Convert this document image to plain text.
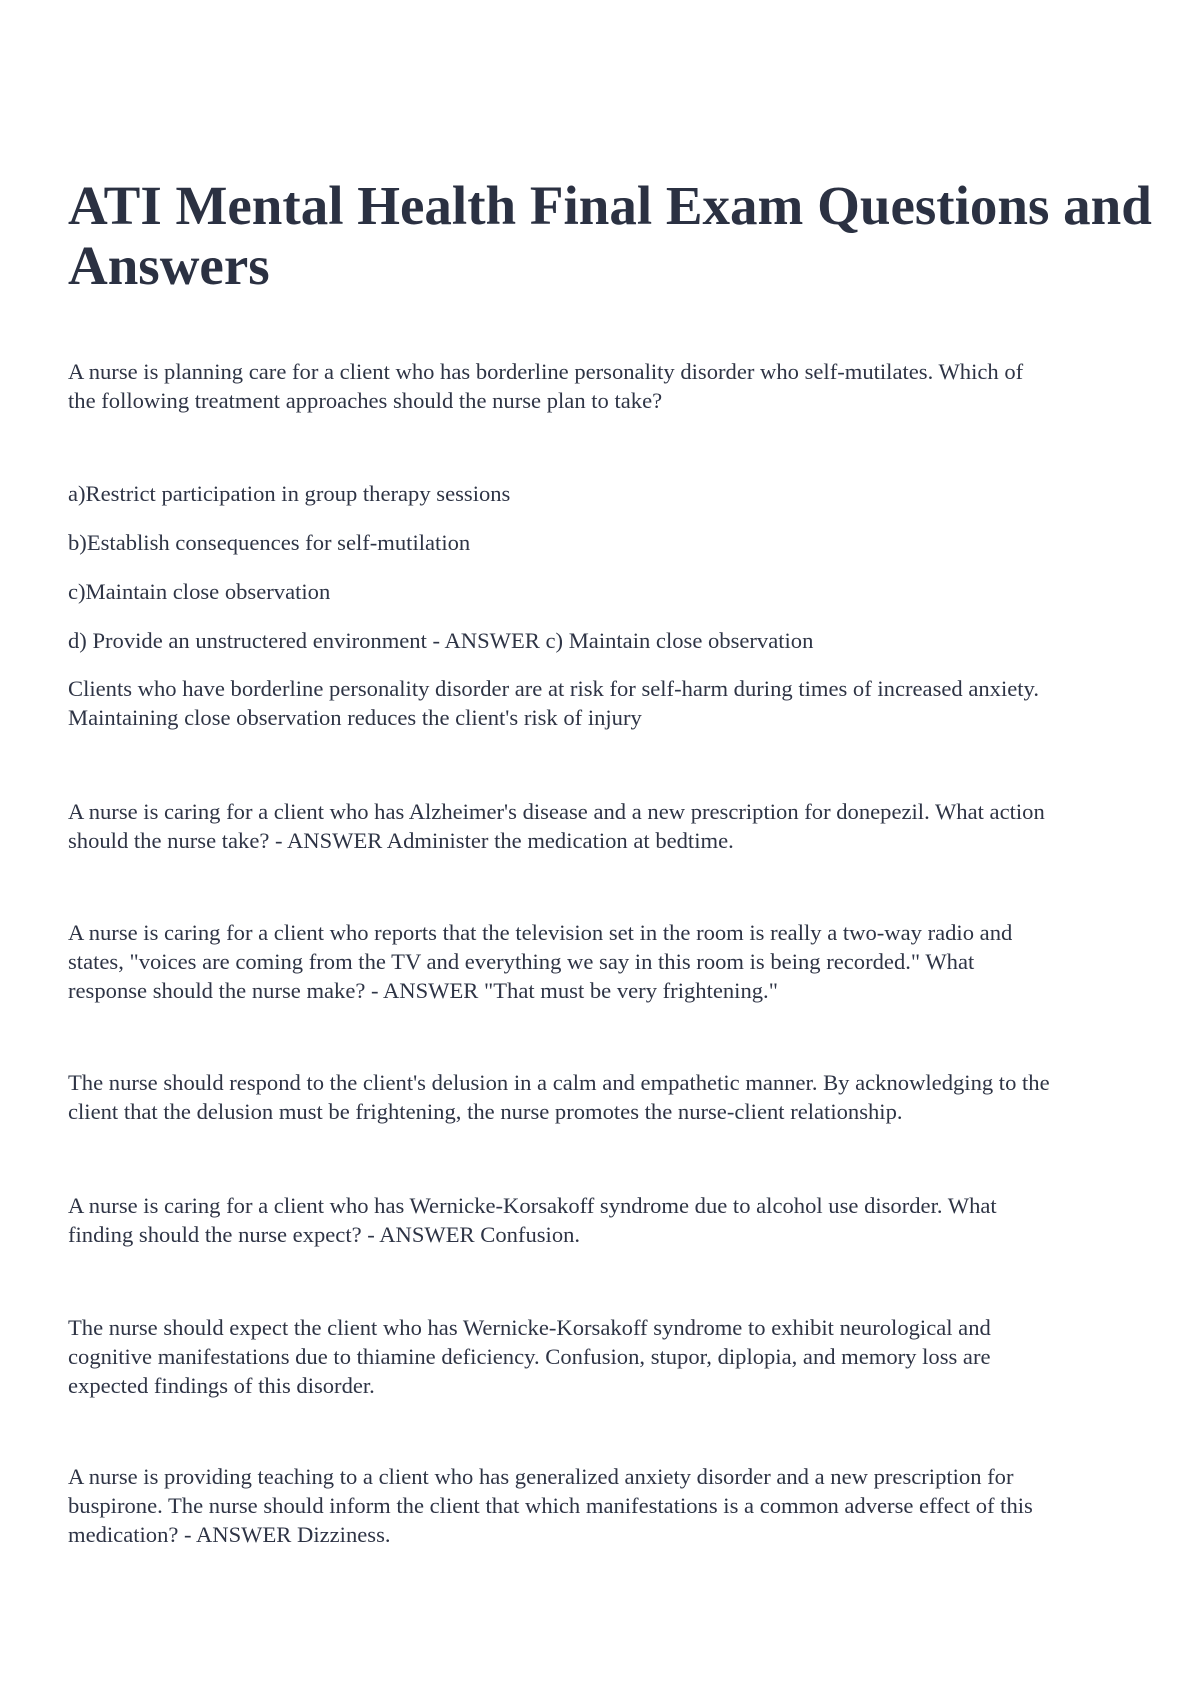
ATI Mental Health Final Exam Questions and
Answers

A nurse is planning care for a client who has borderline personality disorder who self-mutilates. Which of
the following treatment approaches should the nurse plan to take?

a)Restrict participation in group therapy sessions

b)Establish consequences for self-mutilation

c)Maintain close observation

d) Provide an unstructered environment - ANSWER c) Maintain close observation

Clients who have borderline personality disorder are at risk for self-harm during times of increased anxiety.
Maintaining close observation reduces the client's risk of injury

A nurse is caring for a client who has Alzheimer's disease and a new prescription for donepezil. What action
should the nurse take? - ANSWER Administer the medication at bedtime.

A nurse is caring for a client who reports that the television set in the room is really a two-way radio and
states, "voices are coming from the TV and everything we say in this room is being recorded." What
response should the nurse make? - ANSWER "That must be very frightening."

The nurse should respond to the client's delusion in a calm and empathetic manner. By acknowledging to the
client that the delusion must be frightening, the nurse promotes the nurse-client relationship.

A nurse is caring for a client who has Wernicke-Korsakoff syndrome due to alcohol use disorder. What
finding should the nurse expect? - ANSWER Confusion.

The nurse should expect the client who has Wernicke-Korsakoff syndrome to exhibit neurological and
cognitive manifestations due to thiamine deficiency. Confusion, stupor, diplopia, and memory loss are
expected findings of this disorder.

A nurse is providing teaching to a client who has generalized anxiety disorder and a new prescription for
buspirone. The nurse should inform the client that which manifestations is a common adverse effect of this
medication? - ANSWER Dizziness.
